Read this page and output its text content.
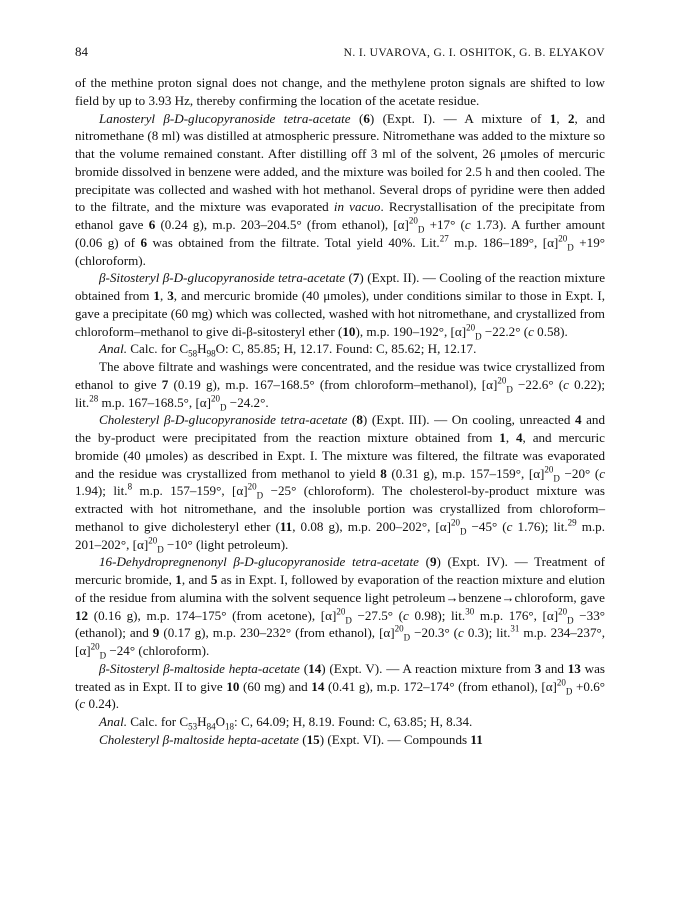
84	N. I. UVAROVA, G. I. OSHITOK, G. B. ELYAKOV

of the methine proton signal does not change, and the methylene proton signals are shifted to low field by up to 3.93 Hz, thereby confirming the location of the acetate residue.

Lanosteryl β-D-glucopyranoside tetra-acetate (6) (Expt. I). — A mixture of 1, 2, and nitromethane (8 ml) was distilled at atmospheric pressure. Nitromethane was added to the mixture so that the volume remained constant. After distilling off 3 ml of the solvent, 26 μmoles of mercuric bromide dissolved in benzene were added, and the mixture was boiled for 2.5 h and then cooled. The precipitate was collected and washed with hot methanol. Several drops of pyridine were then added to the filtrate, and the mixture was evaporated in vacuo. Recrystallisation of the precipitate from ethanol gave 6 (0.24 g), m.p. 203–204.5° (from ethanol), $[\alpha]^{20}_D +17^\circ$ (c 1.73). A further amount (0.06 g) of 6 was obtained from the filtrate. Total yield 40%. Lit.$^{27}$ m.p. 186–189°, $[\alpha]^{20}_D +19^\circ$ (chloroform).

β-Sitosteryl β-D-glucopyranoside tetra-acetate (7) (Expt. II). — Cooling of the reaction mixture obtained from 1, 3, and mercuric bromide (40 μmoles), under conditions similar to those in Expt. I, gave a precipitate (60 mg) which was collected, washed with hot nitromethane, and crystallized from chloroform–methanol to give di-β-sitosteryl ether (10), m.p. 190–192°, $[\alpha]^{20}_D -22.2^\circ$ (c 0.58).

Anal. Calc. for $C_{58}H_{98}O$: C, 85.85; H, 12.17. Found: C, 85.62; H, 12.17.

The above filtrate and washings were concentrated, and the residue was twice crystallized from ethanol to give 7 (0.19 g), m.p. 167–168.5° (from chloroform–methanol), $[\alpha]^{20}_D -22.6^\circ$ (c 0.22); lit.$^{28}$ m.p. 167–168.5°, $[\alpha]^{20}_D -24.2^\circ$.

Cholesteryl β-D-glucopyranoside tetra-acetate (8) (Expt. III). — On cooling, unreacted 4 and the by-product were precipitated from the reaction mixture obtained from 1, 4, and mercuric bromide (40 μmoles) as described in Expt. I. The mixture was filtered, the filtrate was evaporated and the residue was crystallized from methanol to yield 8 (0.31 g), m.p. 157–159°, $[\alpha]^{20}_D -20^\circ$ (c 1.94); lit.$^8$ m.p. 157–159°, $[\alpha]^{20}_D -25^\circ$ (chloroform). The cholesterol-by-product mixture was extracted with hot nitromethane, and the insoluble portion was crystallized from chloroform–methanol to give dicholesteryl ether (11, 0.08 g), m.p. 200–202°, $[\alpha]^{20}_D -45^\circ$ (c 1.76); lit.$^{29}$ m.p. 201–202°, $[\alpha]^{20}_D -10^\circ$ (light petroleum).

16-Dehydropregnenonyl β-D-glucopyranoside tetra-acetate (9) (Expt. IV). — Treatment of mercuric bromide, 1, and 5 as in Expt. I, followed by evaporation of the reaction mixture and elution of the residue from alumina with the solvent sequence light petroleum→benzene→chloroform, gave 12 (0.16 g), m.p. 174–175° (from acetone), $[\alpha]^{20}_D -27.5^\circ$ (c 0.98); lit.$^{30}$ m.p. 176°, $[\alpha]^{20}_D -33^\circ$ (ethanol); and 9 (0.17 g), m.p. 230–232° (from ethanol), $[\alpha]^{20}_D -20.3^\circ$ (c 0.3); lit.$^{31}$ m.p. 234–237°, $[\alpha]^{20}_D -24^\circ$ (chloroform).

β-Sitosteryl β-maltoside hepta-acetate (14) (Expt. V). — A reaction mixture from 3 and 13 was treated as in Expt. II to give 10 (60 mg) and 14 (0.41 g), m.p. 172–174° (from ethanol), $[\alpha]^{20}_D +0.6^\circ$ (c 0.24).

Anal. Calc. for $C_{53}H_{84}O_{18}$: C, 64.09; H, 8.19. Found: C, 63.85; H, 8.34.

Cholesteryl β-maltoside hepta-acetate (15) (Expt. VI). — Compounds 11
